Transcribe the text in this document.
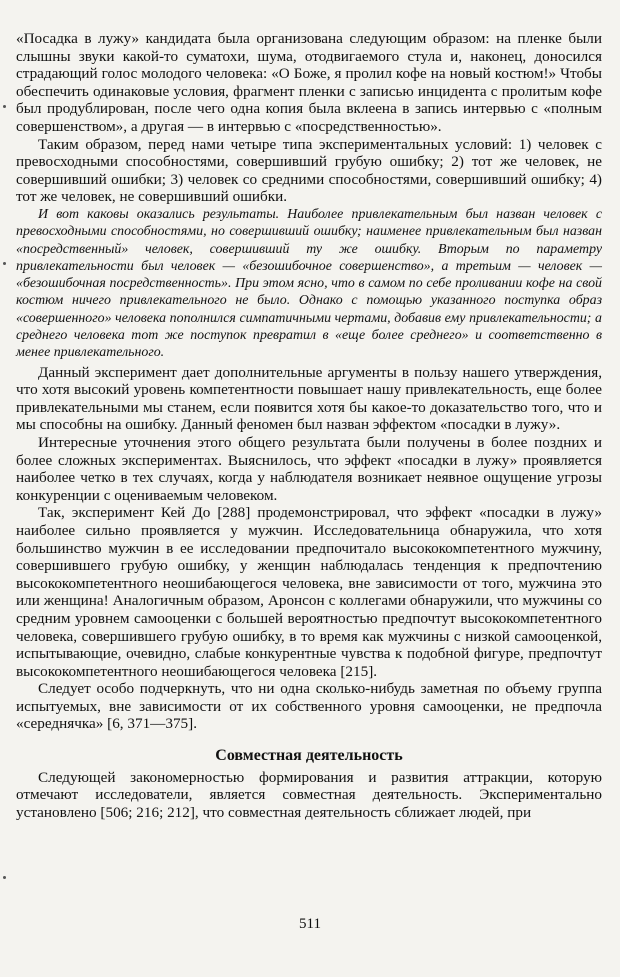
«Посадка в лужу» кандидата была организована следующим образом: на пленке были слышны звуки какой-то суматохи, шума, отодвигаемого стула и, наконец, доносился страдающий голос молодого человека: «О Боже, я пролил кофе на новый костюм!» Чтобы обеспечить одинаковые условия, фрагмент пленки с записью инцидента с пролитым кофе был продублирован, после чего одна копия была вклеена в запись интервью с «полным совершенством», а другая — в интервью с «посредственностью».

Таким образом, перед нами четыре типа экспериментальных условий: 1) человек с превосходными способностями, совершивший грубую ошибку; 2) тот же человек, не совершивший ошибки; 3) человек со средними способностями, совершивший ошибку; 4) тот же человек, не совершивший ошибки.

И вот каковы оказались результаты. Наиболее привлекательным был назван человек с превосходными способностями, но совершивший ошибку; наименее привлекательным был назван «посредственный» человек, совершивший ту же ошибку. Вторым по параметру привлекательности был человек — «безошибочное совершенство», а третьим — человек — «безошибочная посредственность». При этом ясно, что в самом по себе проливании кофе на свой костюм ничего привлекательного не было. Однако с помощью указанного поступка образ «совершенного» человека пополнился симпатичными чертами, добавив ему привлекательности; а среднего человека тот же поступок превратил в «еще более среднего» и соответственно в менее привлекательного.

Данный эксперимент дает дополнительные аргументы в пользу нашего утверждения, что хотя высокий уровень компетентности повышает нашу привлекательность, еще более привлекательными мы станем, если появится хотя бы какое-то доказательство того, что и мы способны на ошибку. Данный феномен был назван эффектом «посадки в лужу».

Интересные уточнения этого общего результата были получены в более поздних и более сложных экспериментах. Выяснилось, что эффект «посадки в лужу» проявляется наиболее четко в тех случаях, когда у наблюдателя возникает неявное ощущение угрозы конкуренции с оцениваемым человеком.

Так, эксперимент Кей До [288] продемонстрировал, что эффект «посадки в лужу» наиболее сильно проявляется у мужчин. Исследовательница обнаружила, что хотя большинство мужчин в ее исследовании предпочитало высококомпетентного мужчину, совершившего грубую ошибку, у женщин наблюдалась тенденция к предпочтению высококомпетентного неошибающегося человека, вне зависимости от того, мужчина это или женщина! Аналогичным образом, Аронсон с коллегами обнаружили, что мужчины со средним уровнем самооценки с большей вероятностью предпочтут высококомпетентного человека, совершившего грубую ошибку, в то время как мужчины с низкой самооценкой, испытывающие, очевидно, слабые конкурентные чувства к подобной фигуре, предпочтут высококомпетентного неошибающегося человека [215].

Следует особо подчеркнуть, что ни одна сколько-нибудь заметная по объему группа испытуемых, вне зависимости от их собственного уровня самооценки, не предпочла «середнячка» [6, 371—375].

Совместная деятельность

Следующей закономерностью формирования и развития аттракции, которую отмечают исследователи, является совместная деятельность. Экспериментально установлено [506; 216; 212], что совместная деятельность сближает людей, при

511
